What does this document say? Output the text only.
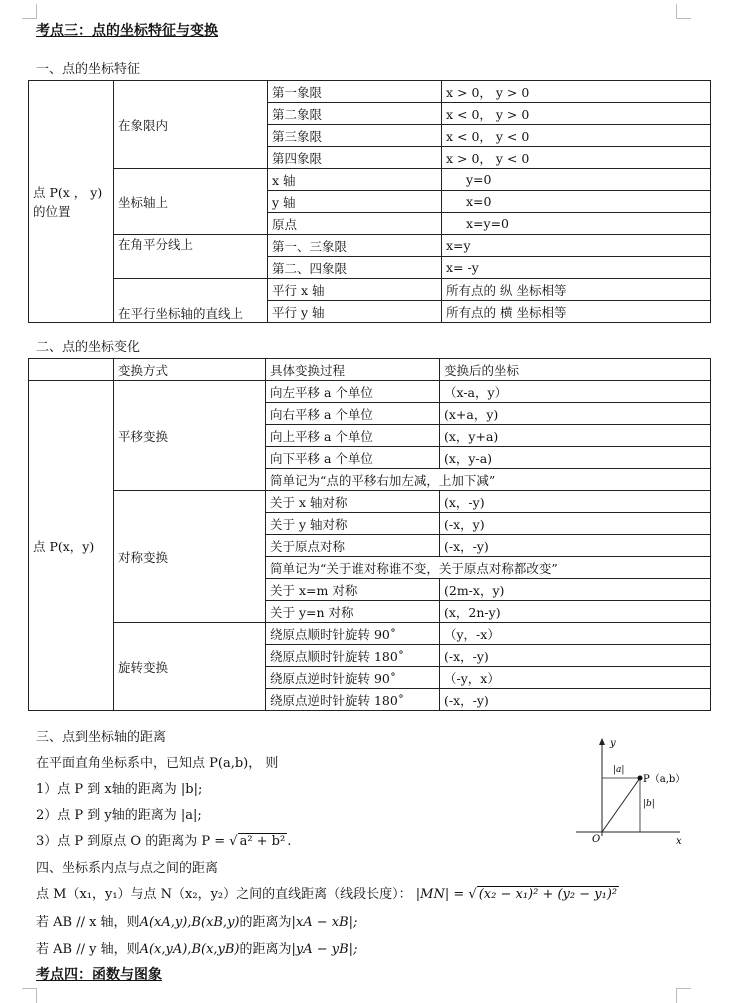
考点三：点的坐标特征与变换
一、点的坐标特征
点 P(x ， y) 的位置	在象限内	第一象限	x > 0， y > 0
		第二象限	x < 0， y > 0
		第三象限	x < 0， y < 0
		第四象限	x > 0， y < 0
	坐标轴上	x 轴	y=0
		y 轴	x=0
		原点	x=y=0
	在角平分线上	第一、三象限	x=y
		第二、四象限	x= -y
	在平行坐标轴的直线上	平行 x 轴	所有点的 纵 坐标相等
		平行 y 轴	所有点的 横 坐标相等
二、点的坐标变化
	变换方式	具体变换过程	变换后的坐标
点 P(x，y)	平移变换	向左平移 a 个单位	（x-a，y）
		向右平移 a 个单位	(x+a，y)
		向上平移 a 个单位	(x，y+a)
		向下平移 a 个单位	(x，y-a)
		简单记为“点的平移右加左减，上加下减”	
	对称变换	关于 x 轴对称	(x，-y)
		关于 y 轴对称	(-x，y)
		关于原点对称	(-x，-y)
		简单记为“关于谁对称谁不变，关于原点对称都改变”	
		关于 x=m 对称	(2m-x，y)
		关于 y=n 对称	(x，2n-y)
	旋转变换	绕原点顺时针旋转 90˚	（y，-x）
		绕原点顺时针旋转 180˚	(-x，-y)
		绕原点逆时针旋转 90˚	（-y，x）
		绕原点逆时针旋转 180˚	(-x，-y)
三、点到坐标轴的距离
在平面直角坐标系中，已知点 P(a,b)， 则
1）点 P 到 x轴的距离为 |b|;
2）点 P 到 y轴的距离为 |a|;
3）点 P 到原点 O 的距离为 P = √ a² + b² .
y
x
O
P（a,b）
|a|
|b|
四、坐标系内点与点之间的距离
点 M（x₁，y₁）与点 N（x₂，y₂）之间的直线距离（线段长度）： |MN| = √ (x₂ − x₁)² + (y₂ − y₁)²
若 AB // x 轴，则A(xA,y),B(xB,y)的距离为|xA − xB|;
若 AB // y 轴，则A(x,yA),B(x,yB)的距离为|yA − yB|;
考点四：函数与图象
